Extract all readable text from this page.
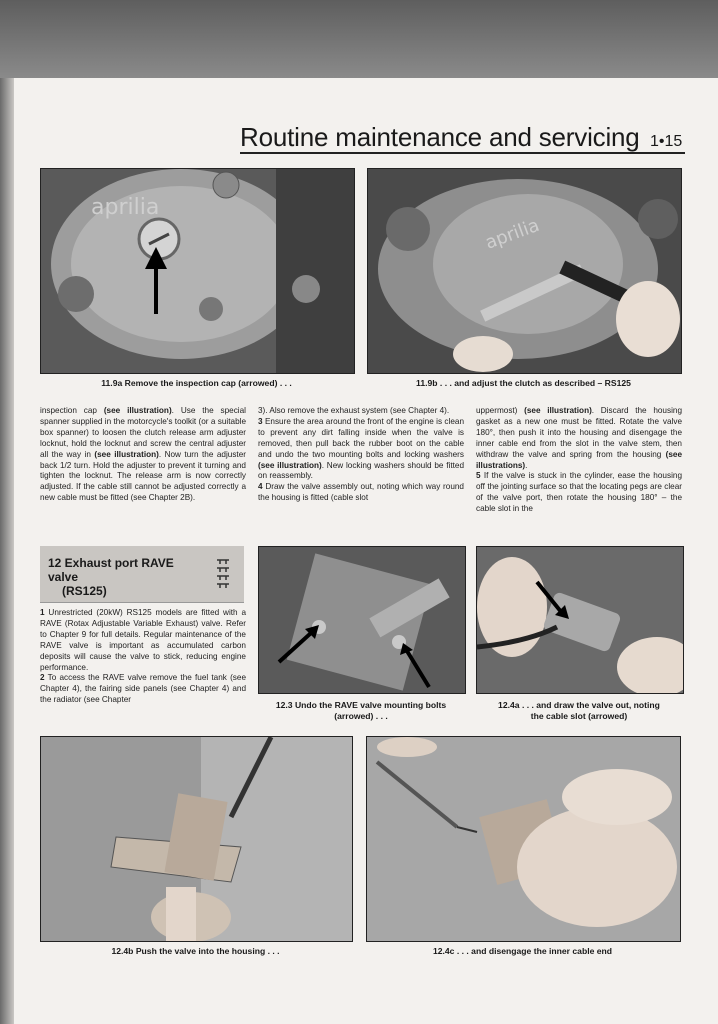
Routine maintenance and servicing 1•15
aprilia
11.9a Remove the inspection cap (arrowed) . . .
aprilia
11.9b . . . and adjust the clutch as described – RS125

inspection cap (see illustration). Use the special spanner supplied in the motorcycle's toolkit (or a suitable box spanner) to loosen the clutch release arm adjuster locknut, hold the locknut and screw the central adjuster all the way in (see illustration). Now turn the adjuster back 1/2 turn. Hold the adjuster to prevent it turning and tighten the locknut. The release arm is now correctly adjusted. If the cable still cannot be adjusted correctly a new cable must be fitted (see Chapter 2B).

12 Exhaust port RAVE valve
(RS125)

1 Unrestricted (20kW) RS125 models are fitted with a RAVE (Rotax Adjustable Variable Exhaust) valve. Refer to Chapter 9 for full details. Regular maintenance of the RAVE valve is important as accumulated carbon deposits will cause the valve to stick, reducing engine performance.

2 To access the RAVE valve remove the fuel tank (see Chapter 4), the fairing side panels (see Chapter 4) and the radiator (see Chapter

3). Also remove the exhaust system (see Chapter 4).

3 Ensure the area around the front of the engine is clean to prevent any dirt falling inside when the valve is removed, then pull back the rubber boot on the cable and undo the two mounting bolts and locking washers (see illustration). New locking washers should be fitted on reassembly.

4 Draw the valve assembly out, noting which way round the housing is fitted (cable slot

uppermost) (see illustration). Discard the housing gasket as a new one must be fitted. Rotate the valve 180°, then push it into the housing and disengage the inner cable end from the slot in the valve stem, then withdraw the valve and spring from the housing (see illustrations).

5 If the valve is stuck in the cylinder, ease the housing off the jointing surface so that the locating pegs are clear of the valve port, then rotate the housing 180° – the cable slot in the

12.3 Undo the RAVE valve mounting bolts
(arrowed) . . .
12.4a . . . and draw the valve out, noting
the cable slot (arrowed)
12.4b Push the valve into the housing . . .	12.4c . . . and disengage the inner cable end
